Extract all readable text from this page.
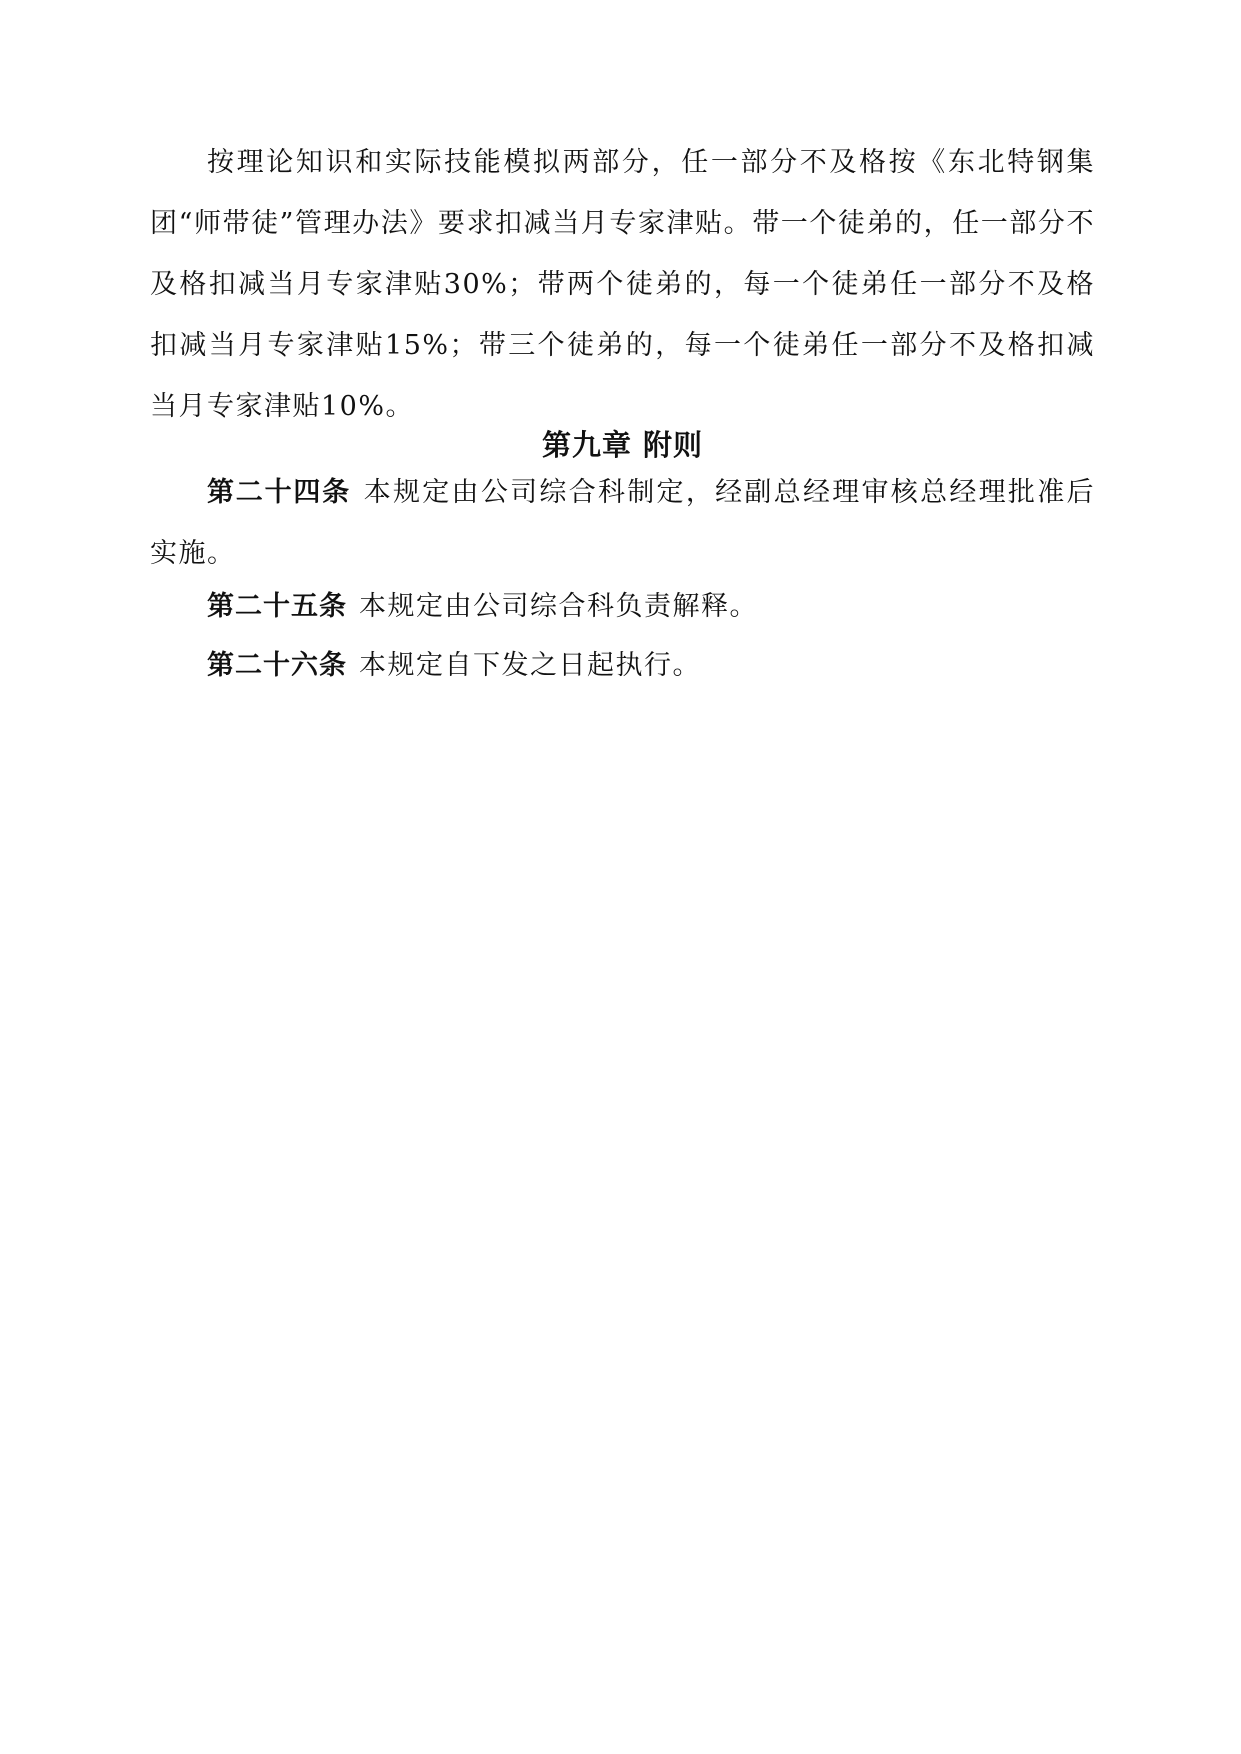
按理论知识和实际技能模拟两部分，任一部分不及格按《东北特钢集团“师带徒”管理办法》要求扣减当月专家津贴。带一个徒弟的，任一部分不及格扣减当月专家津贴30%；带两个徒弟的，每一个徒弟任一部分不及格扣减当月专家津贴15%；带三个徒弟的，每一个徒弟任一部分不及格扣减当月专家津贴10%。

第九章 附则

第二十四条 本规定由公司综合科制定，经副总经理审核总经理批准后实施。

第二十五条 本规定由公司综合科负责解释。

第二十六条 本规定自下发之日起执行。
